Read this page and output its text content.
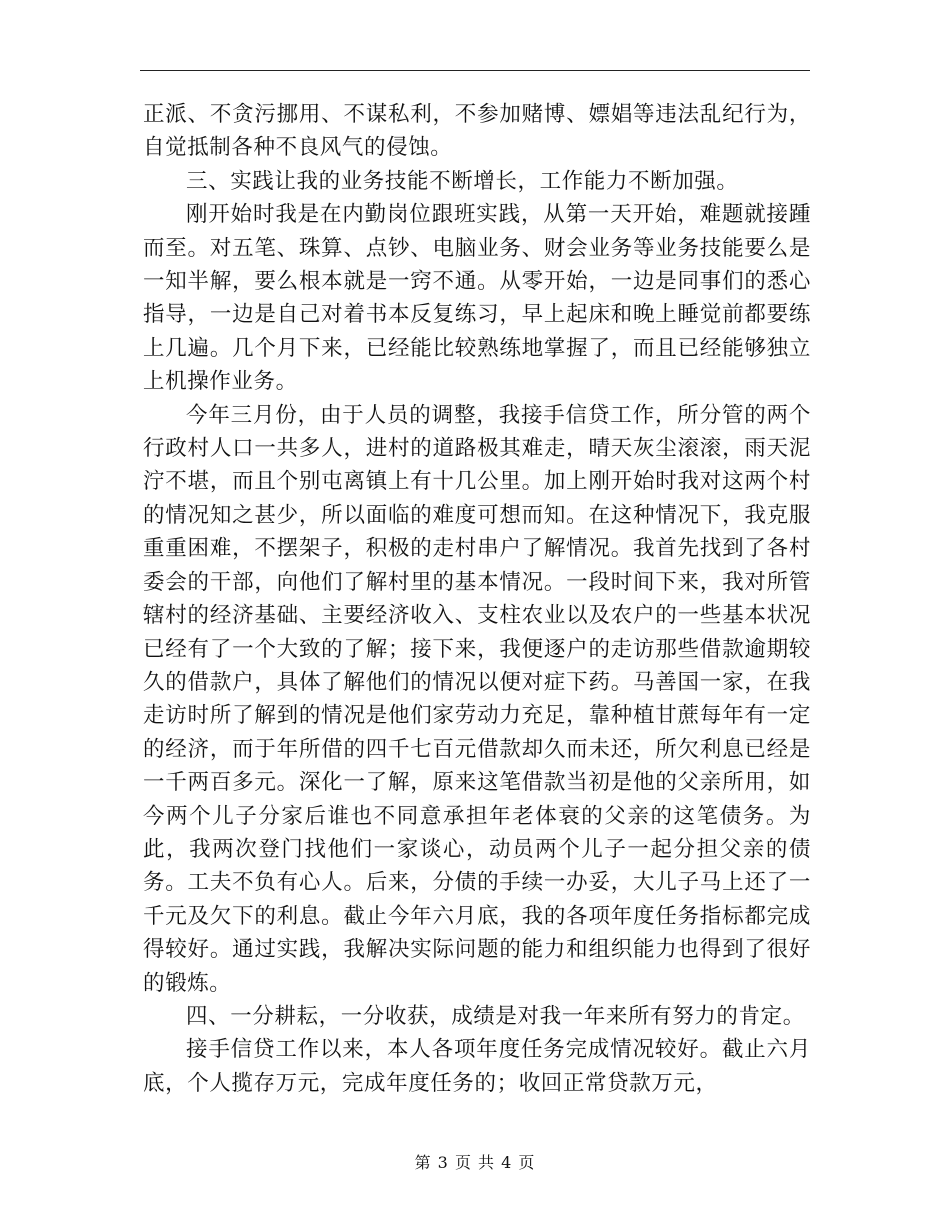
正派、不贪污挪用、不谋私利，不参加赌博、嫖娼等违法乱纪行为，自觉抵制各种不良风气的侵蚀。

三、实践让我的业务技能不断增长，工作能力不断加强。

刚开始时我是在内勤岗位跟班实践，从第一天开始，难题就接踵而至。对五笔、珠算、点钞、电脑业务、财会业务等业务技能要么是一知半解，要么根本就是一窍不通。从零开始，一边是同事们的悉心指导，一边是自己对着书本反复练习，早上起床和晚上睡觉前都要练上几遍。几个月下来，已经能比较熟练地掌握了，而且已经能够独立上机操作业务。

今年三月份，由于人员的调整，我接手信贷工作，所分管的两个行政村人口一共多人，进村的道路极其难走，晴天灰尘滚滚，雨天泥泞不堪，而且个别屯离镇上有十几公里。加上刚开始时我对这两个村的情况知之甚少，所以面临的难度可想而知。在这种情况下，我克服重重困难，不摆架子，积极的走村串户了解情况。我首先找到了各村委会的干部，向他们了解村里的基本情况。一段时间下来，我对所管辖村的经济基础、主要经济收入、支柱农业以及农户的一些基本状况已经有了一个大致的了解；接下来，我便逐户的走访那些借款逾期较久的借款户，具体了解他们的情况以便对症下药。马善国一家，在我走访时所了解到的情况是他们家劳动力充足，靠种植甘蔗每年有一定的经济，而于年所借的四千七百元借款却久而未还，所欠利息已经是一千两百多元。深化一了解，原来这笔借款当初是他的父亲所用，如今两个儿子分家后谁也不同意承担年老体衰的父亲的这笔债务。为此，我两次登门找他们一家谈心，动员两个儿子一起分担父亲的债务。工夫不负有心人。后来，分债的手续一办妥，大儿子马上还了一千元及欠下的利息。截止今年六月底，我的各项年度任务指标都完成得较好。通过实践，我解决实际问题的能力和组织能力也得到了很好的锻炼。

四、一分耕耘，一分收获，成绩是对我一年来所有努力的肯定。

接手信贷工作以来，本人各项年度任务完成情况较好。截止六月底，个人揽存万元，完成年度任务的；收回正常贷款万元，

第 3 页 共 4 页
